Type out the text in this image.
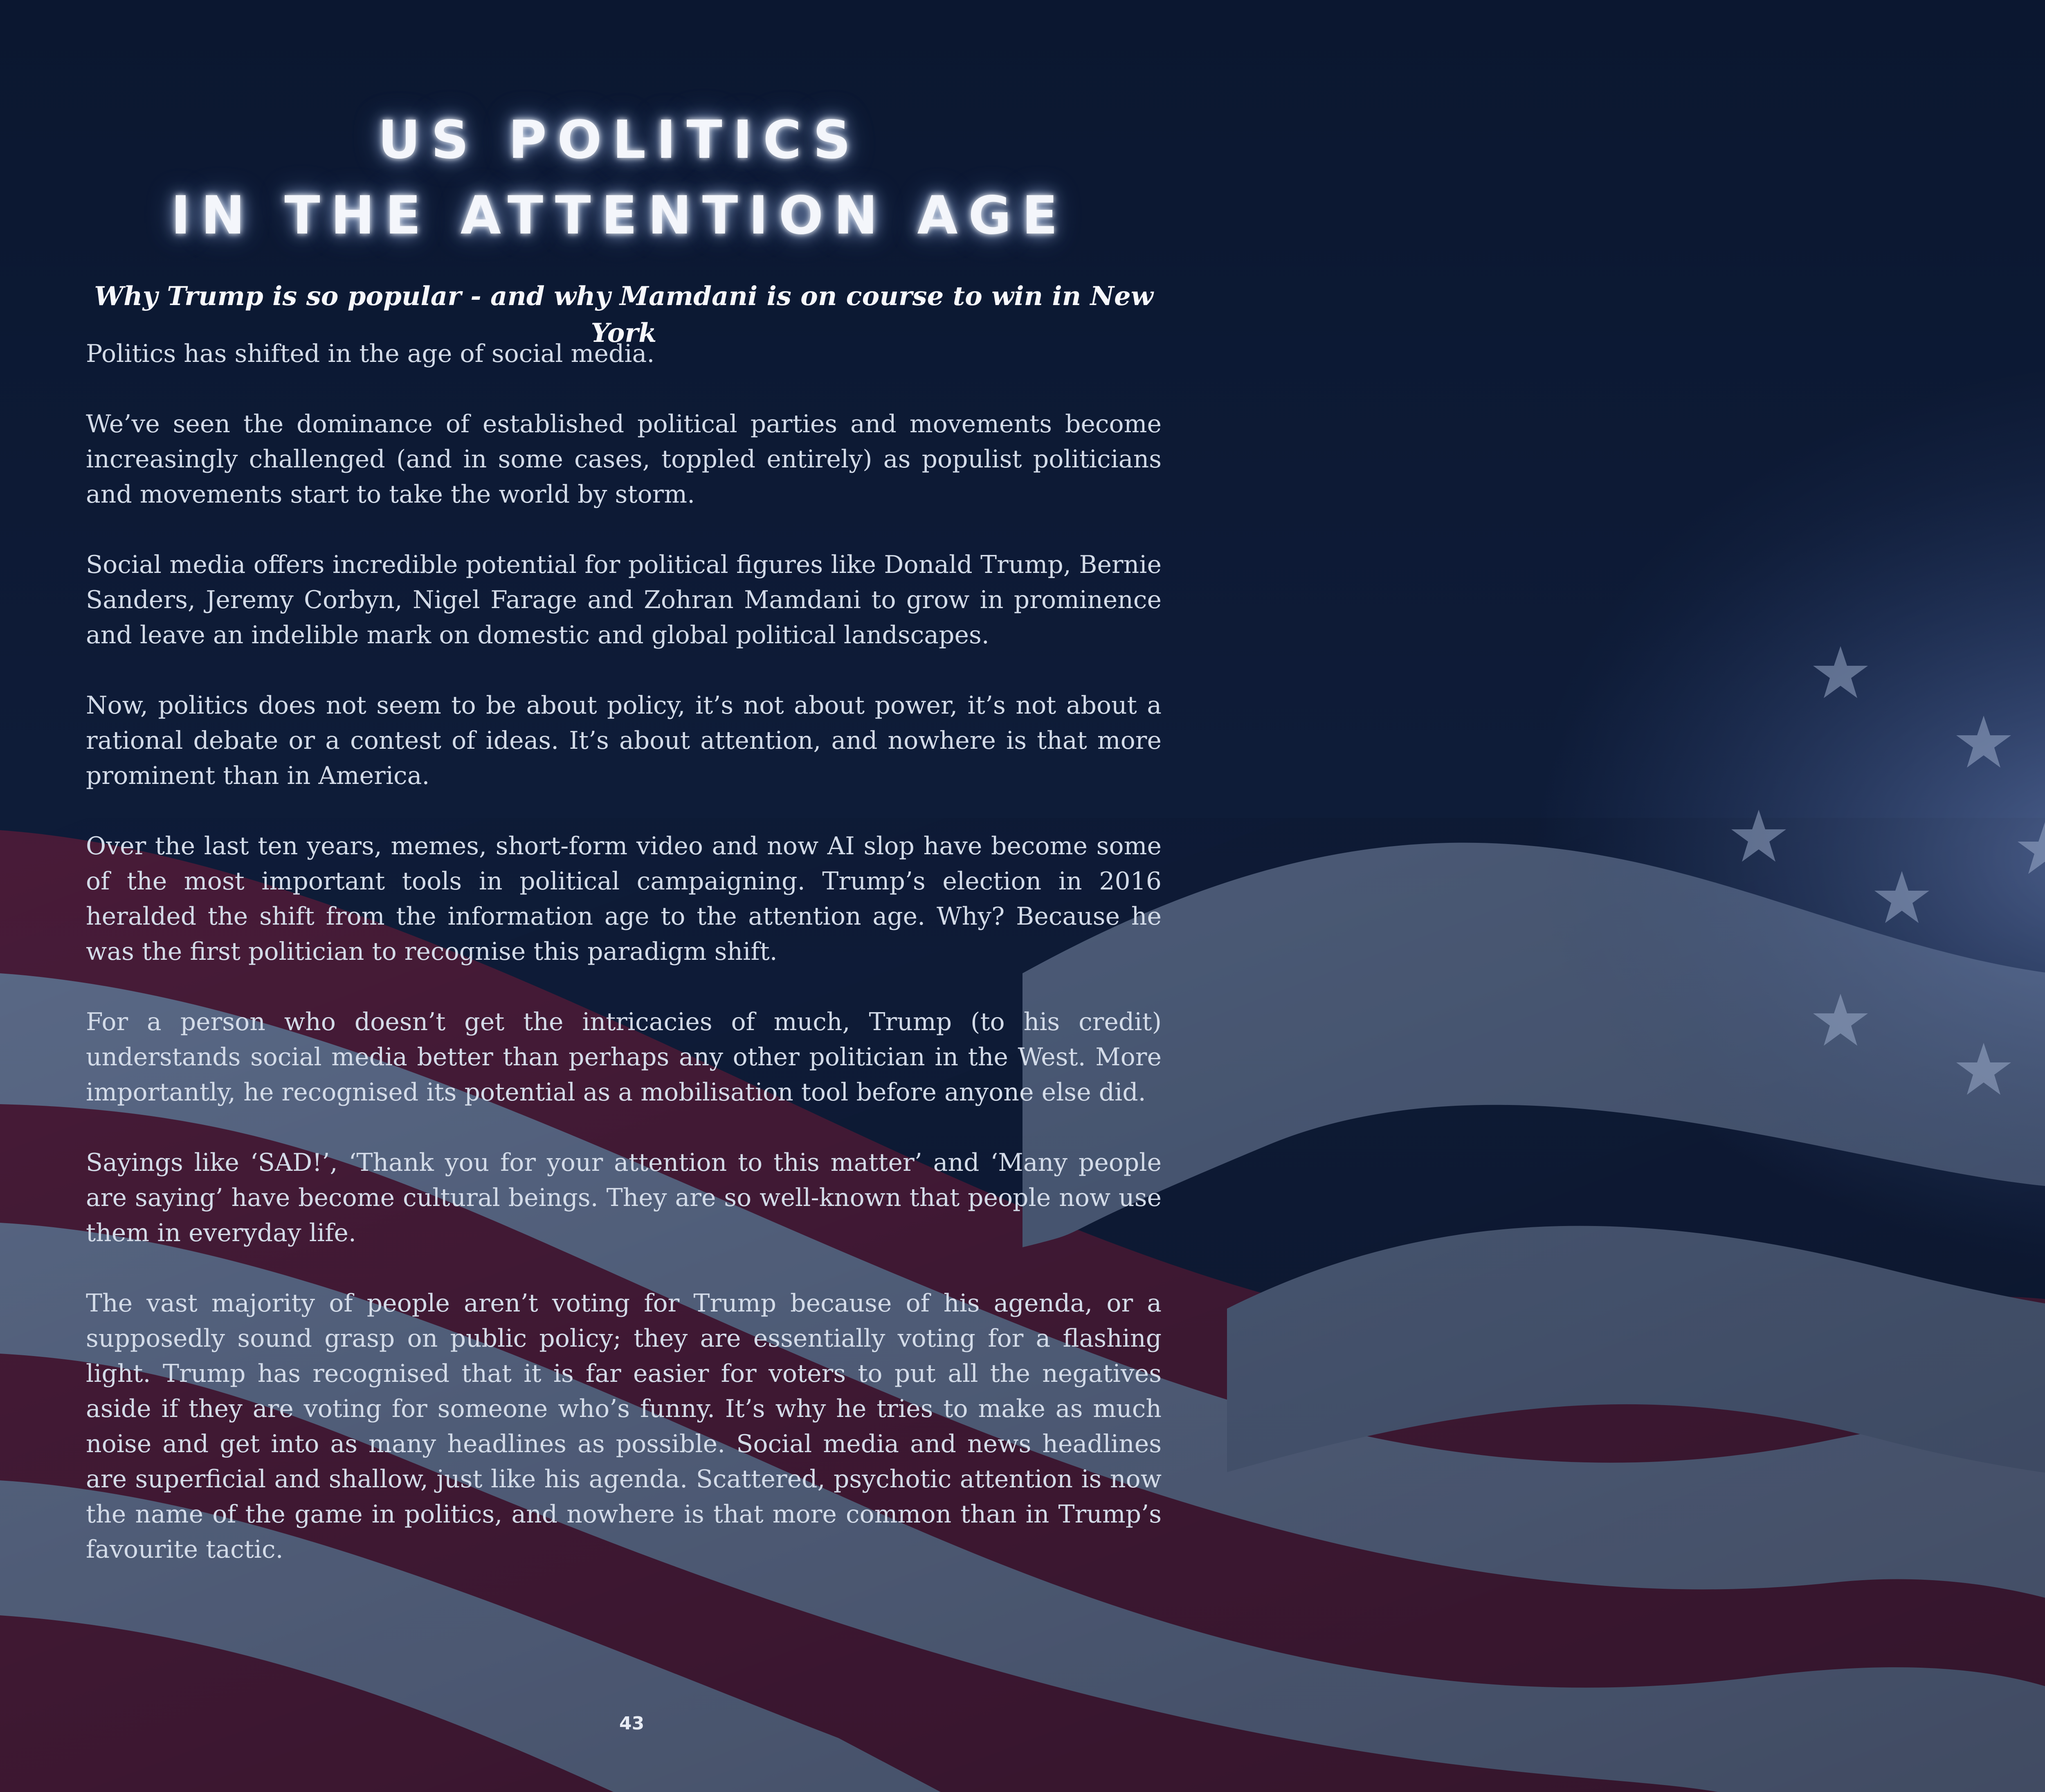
US POLITICS
IN THE ATTENTION AGE

Why Trump is so popular - and why Mamdani is on course to win in New York

Politics has shifted in the age of social media.

We’ve seen the dominance of established political parties and movements become increasingly challenged (and in some cases, toppled entirely) as populist politicians and movements start to take the world by storm.

Social media offers incredible potential for political figures like Donald Trump, Bernie Sanders, Jeremy Corbyn, Nigel Farage and Zohran Mamdani to grow in prominence and leave an indelible mark on domestic and global political landscapes.

Now, politics does not seem to be about policy, it’s not about power, it’s not about a rational debate or a contest of ideas. It’s about attention, and nowhere is that more prominent than in America.

Over the last ten years, memes, short-form video and now AI slop have become some of the most important tools in political campaigning. Trump’s election in 2016 heralded the shift from the information age to the attention age. Why? Because he was the first politician to recognise this paradigm shift.

For a person who doesn’t get the intricacies of much, Trump (to his credit) understands social media better than perhaps any other politician in the West. More importantly, he recognised its potential as a mobilisation tool before anyone else did.

Sayings like ‘SAD!’, ‘Thank you for your attention to this matter’ and ‘Many people are saying’ have become cultural beings. They are so well-known that people now use them in everyday life.

The vast majority of people aren’t voting for Trump because of his agenda, or a supposedly sound grasp on public policy; they are essentially voting for a flashing light. Trump has recognised that it is far easier for voters to put all the negatives aside if they are voting for someone who’s funny. It’s why he tries to make as much noise and get into as many headlines as possible. Social media and news headlines are superficial and shallow, just like his agenda. Scattered, psychotic attention is now the name of the game in politics, and nowhere is that more common than in Trump’s favourite tactic.

43
